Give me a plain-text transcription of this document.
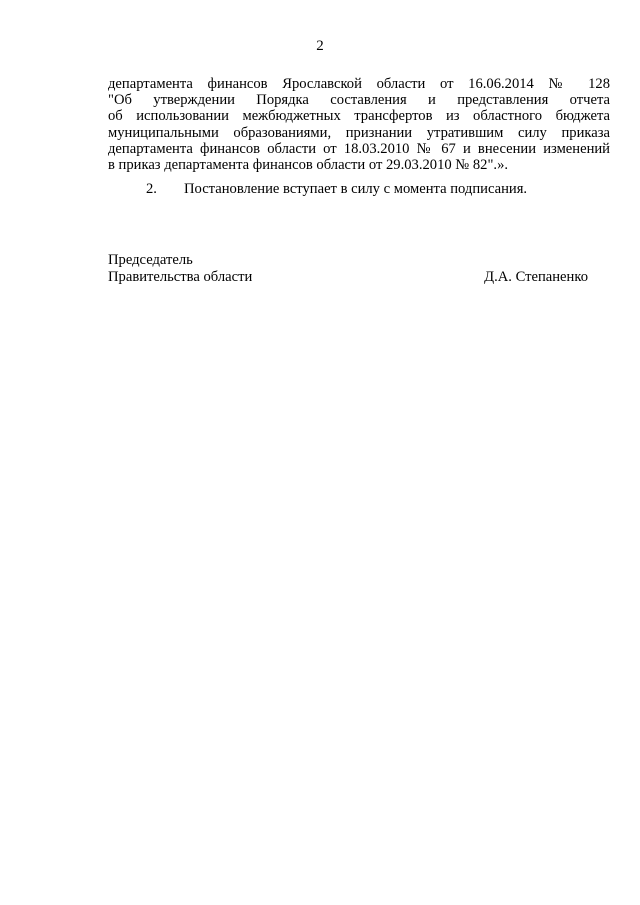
2
департамента финансов Ярославской области от 16.06.2014 № 128
"Об утверждении Порядка составления и представления отчета
об использовании межбюджетных трансфертов из областного бюджета
муниципальными образованиями, признании утратившим силу приказа
департамента финансов области от 18.03.2010 № 67 и внесении изменений
в приказ департамента финансов области от 29.03.2010 № 82".».
2. Постановление вступает в силу с момента подписания.
Председатель
Правительства области	Д.А. Степаненко
